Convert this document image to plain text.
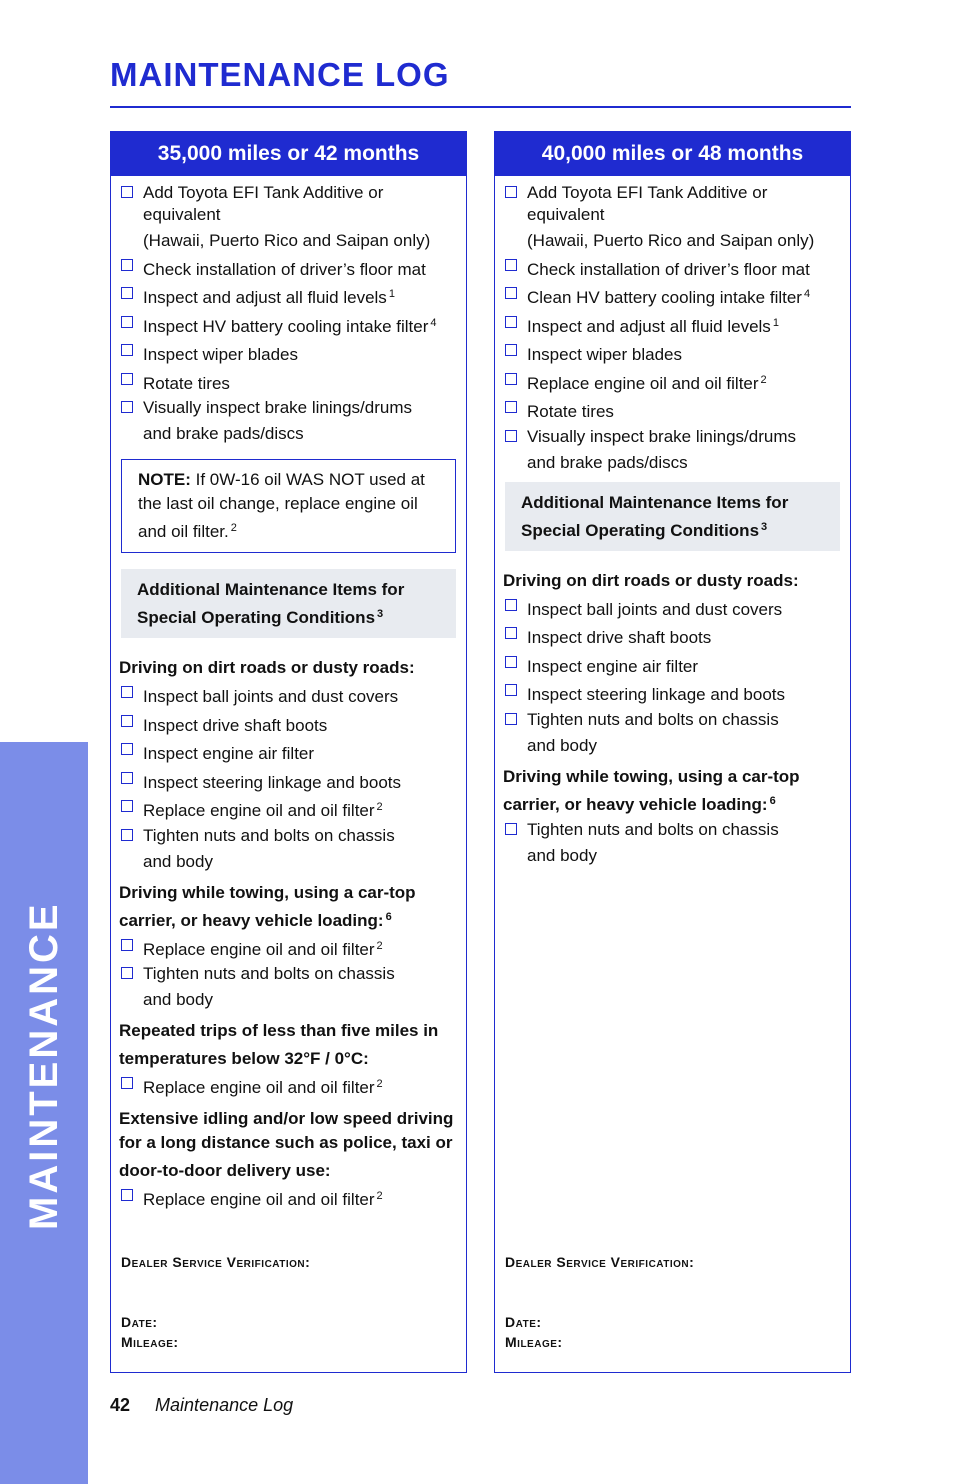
MAINTENANCE
MAINTENANCE LOG
35,000 miles or 42 months
Add Toyota EFI Tank Additive or equivalent
(Hawaii, Puerto Rico and Saipan only)
Check installation of driver’s floor mat
Inspect and adjust all fluid levels $^1$
Inspect HV battery cooling intake filter $^4$
Inspect wiper blades
Rotate tires
Visually inspect brake linings/drums
and brake pads/discs
NOTE: If 0W-16 oil WAS NOT used at the last oil change, replace engine oil and oil filter. $^2$
Additional Maintenance Items for Special Operating Conditions $^3$
Driving on dirt roads or dusty roads:
Inspect ball joints and dust covers
Inspect drive shaft boots
Inspect engine air filter
Inspect steering linkage and boots
Replace engine oil and oil filter $^2$
Tighten nuts and bolts on chassis
and body
Driving while towing, using a car-top carrier, or heavy vehicle loading: $^6$
Replace engine oil and oil filter $^2$
Tighten nuts and bolts on chassis
and body
Repeated trips of less than five miles in temperatures below 32°F / 0°C:
Replace engine oil and oil filter $^2$
Extensive idling and/or low speed driving for a long distance such as police, taxi or door-to-door delivery use:
Replace engine oil and oil filter $^2$
Dealer Service Verification:
Date:
Mileage:
40,000 miles or 48 months
Add Toyota EFI Tank Additive or equivalent
(Hawaii, Puerto Rico and Saipan only)
Check installation of driver’s floor mat
Clean HV battery cooling intake filter $^4$
Inspect and adjust all fluid levels $^1$
Inspect wiper blades
Replace engine oil and oil filter $^2$
Rotate tires
Visually inspect brake linings/drums
and brake pads/discs
Additional Maintenance Items for Special Operating Conditions $^3$
Driving on dirt roads or dusty roads:
Inspect ball joints and dust covers
Inspect drive shaft boots
Inspect engine air filter
Inspect steering linkage and boots
Tighten nuts and bolts on chassis
and body
Driving while towing, using a car-top carrier, or heavy vehicle loading: $^6$
Tighten nuts and bolts on chassis
and body
Dealer Service Verification:
Date:
Mileage:
42 Maintenance Log
